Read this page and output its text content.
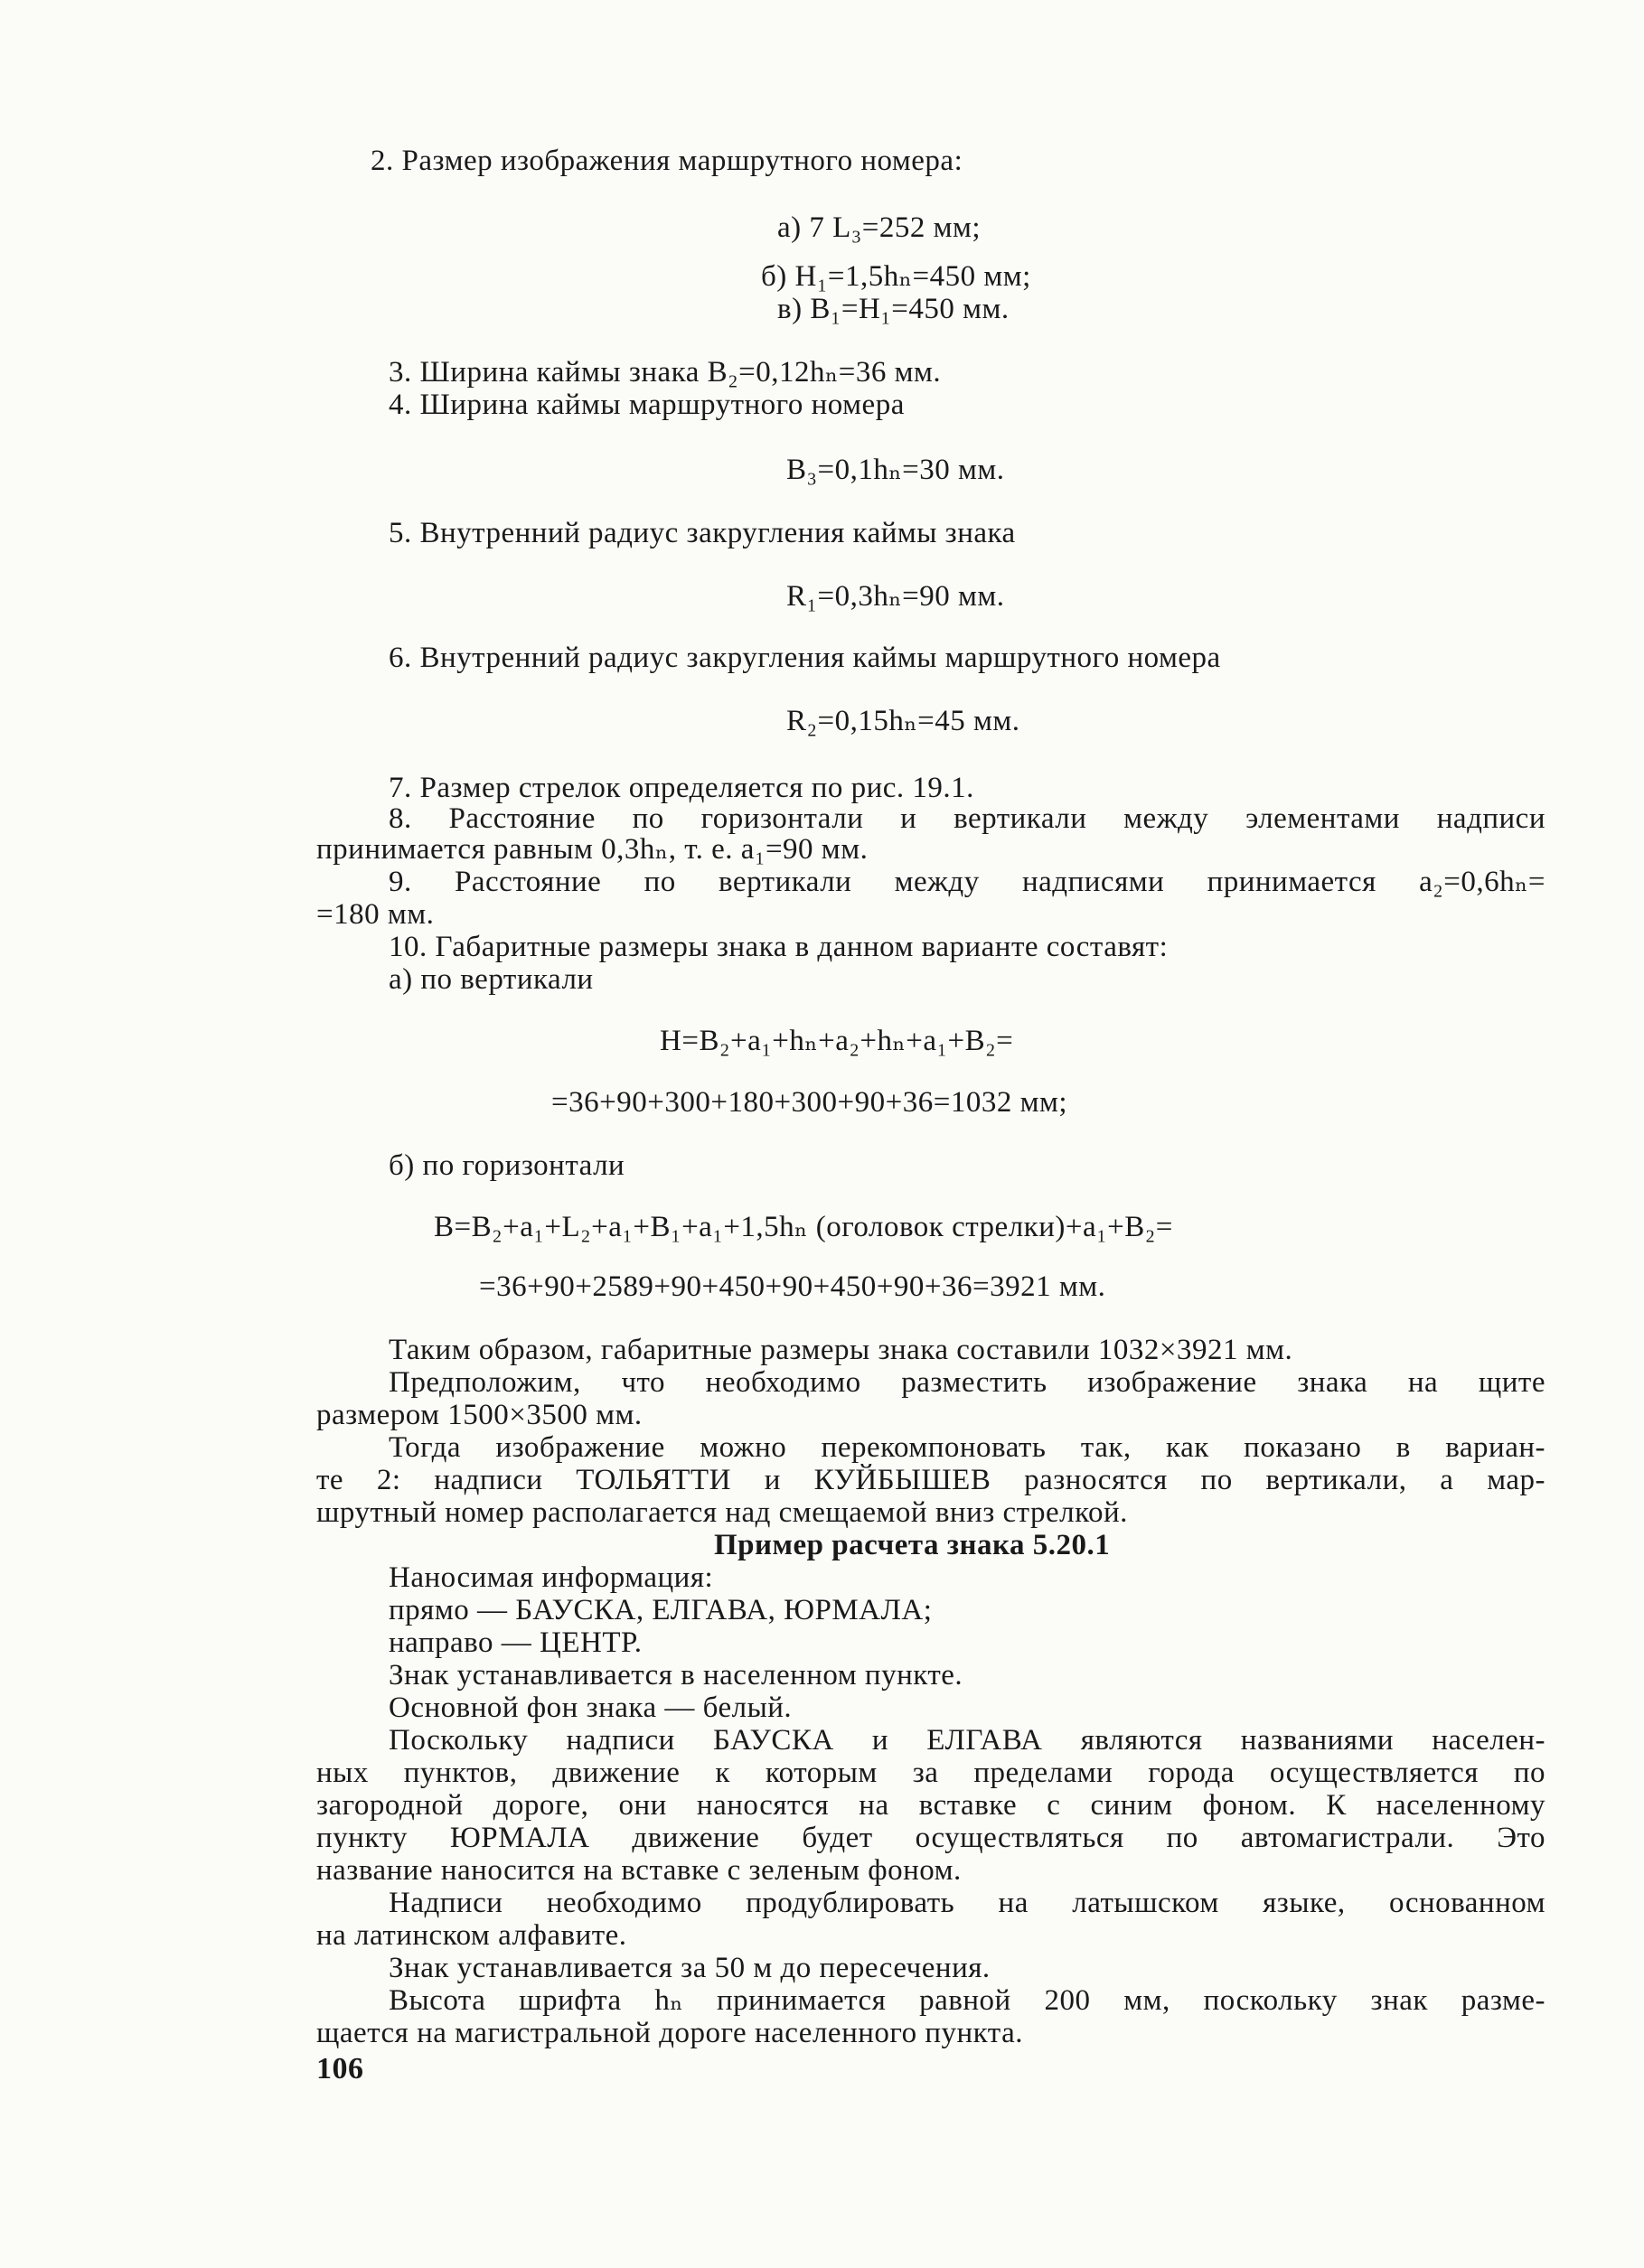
2. Размер изображения маршрутного номера:
а) 7 L₃=252 мм;
б) H₁=1,5hₙ=450 мм;
в) B₁=H₁=450 мм.
3. Ширина каймы знака B₂=0,12hₙ=36 мм.
4. Ширина каймы маршрутного номера
B₃=0,1hₙ=30 мм.
5. Внутренний радиус закругления каймы знака
R₁=0,3hₙ=90 мм.
6. Внутренний радиус закругления каймы маршрутного номера
R₂=0,15hₙ=45 мм.
7. Размер стрелок определяется по рис. 19.1.
8. Расстояние по горизонтали и вертикали между элементами надписи
принимается равным 0,3hₙ, т. е. a₁=90 мм.
9. Расстояние по вертикали между надписями принимается a₂=0,6hₙ=
=180 мм.
10. Габаритные размеры знака в данном варианте составят:
а) по вертикали
H=B₂+a₁+hₙ+a₂+hₙ+a₁+B₂=
=36+90+300+180+300+90+36=1032 мм;
б) по горизонтали
B=B₂+a₁+L₂+a₁+B₁+a₁+1,5hₙ (оголовок стрелки)+a₁+B₂=
=36+90+2589+90+450+90+450+90+36=3921 мм.
Таким образом, габаритные размеры знака составили 1032×3921 мм.
Предположим, что необходимо разместить изображение знака на щите
размером 1500×3500 мм.
Тогда изображение можно перекомпоновать так, как показано в вариан-
те 2: надписи ТОЛЬЯТТИ и КУЙБЫШЕВ разносятся по вертикали, а мар-
шрутный номер располагается над смещаемой вниз стрелкой.
Пример расчета знака 5.20.1
Наносимая информация:
прямо — БАУСКА, ЕЛГАВА, ЮРМАЛА;
направо — ЦЕНТР.
Знак устанавливается в населенном пункте.
Основной фон знака — белый.
Поскольку надписи БАУСКА и ЕЛГАВА являются названиями населен-
ных пунктов, движение к которым за пределами города осуществляется по
загородной дороге, они наносятся на вставке с синим фоном. К населенному
пункту ЮРМАЛА движение будет осуществляться по автомагистрали. Это
название наносится на вставке с зеленым фоном.
Надписи необходимо продублировать на латышском языке, основанном
на латинском алфавите.
Знак устанавливается за 50 м до пересечения.
Высота шрифта hₙ принимается равной 200 мм, поскольку знак разме-
щается на магистральной дороге населенного пункта.
106
